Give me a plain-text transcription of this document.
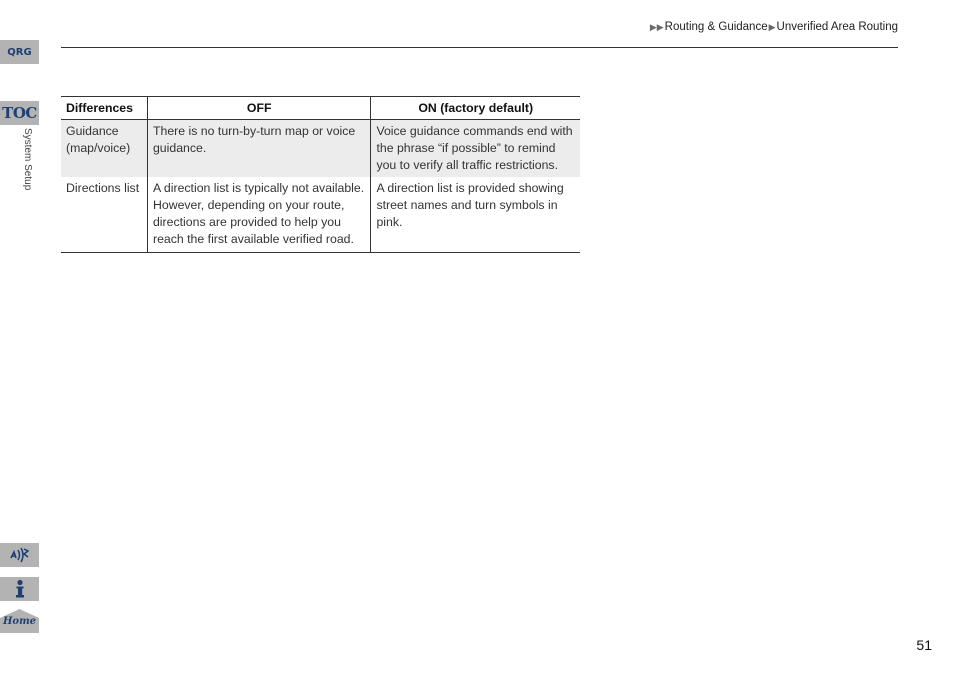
QRG
TOC
System Setup
Home
▶▶ Routing & Guidance ▶ Unverified Area Routing
Differences	OFF	ON (factory default)
Guidance (map/voice)	There is no turn-by-turn map or voice guidance.	Voice guidance commands end with the phrase “if possible” to remind you to verify all traffic restrictions.
Directions list	A direction list is typically not available. However, depending on your route, directions are provided to help you reach the first available verified road.	A direction list is provided showing street names and turn symbols in pink.
51
